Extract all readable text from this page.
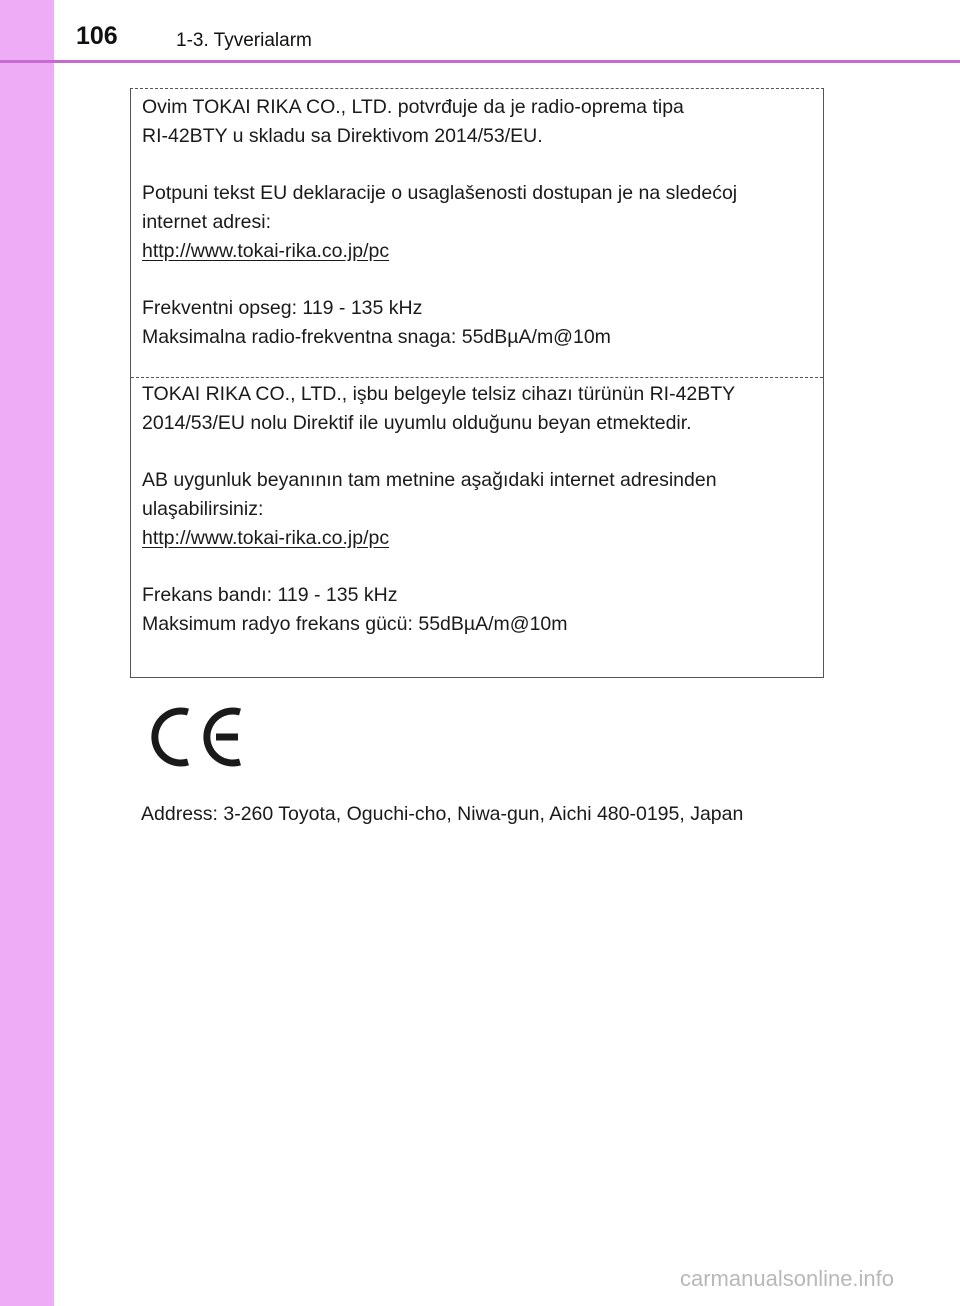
106	1-3. Tyverialarm
Ovim TOKAI RIKA CO., LTD. potvrđuje da je radio-oprema tipa
RI-42BTY u skladu sa Direktivom 2014/53/EU.
Potpuni tekst EU deklaracije o usaglašenosti dostupan je na sledećoj
internet adresi:
http://www.tokai-rika.co.jp/pc
Frekventni opseg: 119 - 135 kHz
Maksimalna radio-frekventna snaga: 55dBµA/m@10m
TOKAI RIKA CO., LTD., işbu belgeyle telsiz cihazı türünün RI-42BTY
2014/53/EU nolu Direktif ile uyumlu olduğunu beyan etmektedir.
AB uygunluk beyanının tam metnine aşağıdaki internet adresinden
ulaşabilirsiniz:
http://www.tokai-rika.co.jp/pc
Frekans bandı: 119 - 135 kHz
Maksimum radyo frekans gücü: 55dBµA/m@10m
Address: 3-260 Toyota, Oguchi-cho, Niwa-gun, Aichi 480-0195, Japan
carmanualsonline.info
